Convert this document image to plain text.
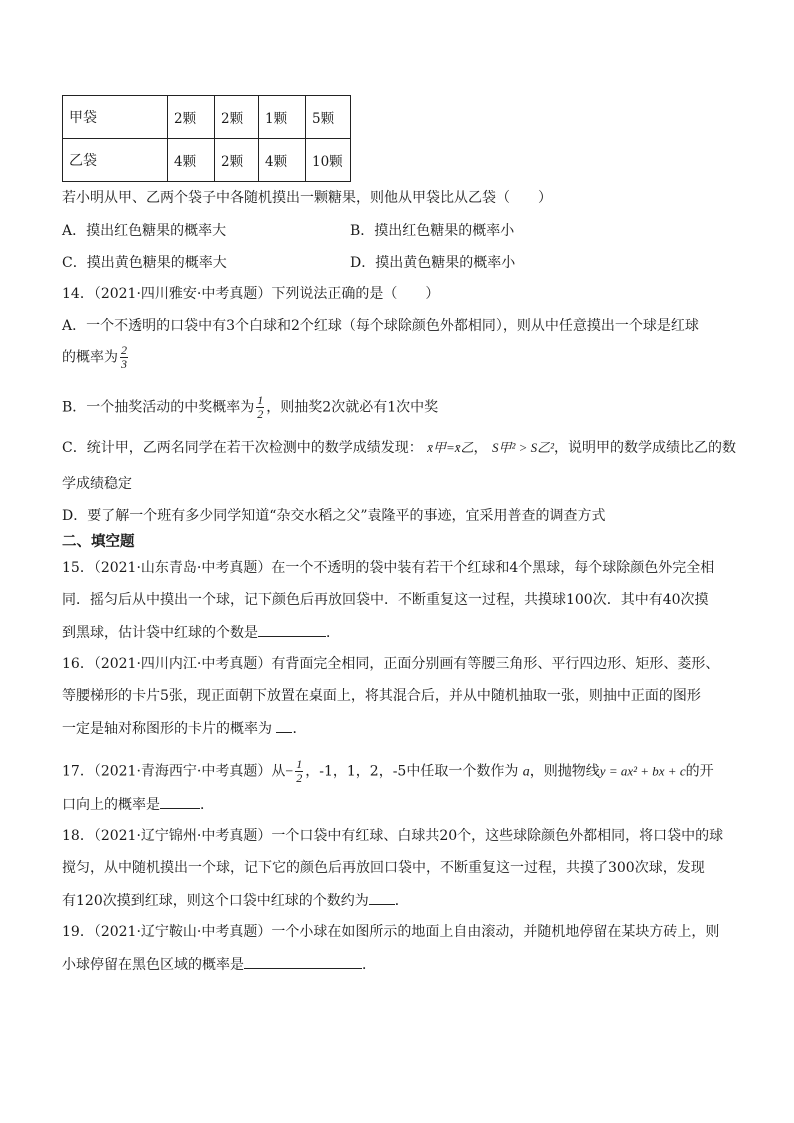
甲袋	2颗	2颗	1颗	5颗
乙袋	4颗	2颗	4颗	10颗
若小明从甲、乙两个袋子中各随机摸出一颗糖果，则他从甲袋比从乙袋（　　）
A．摸出红色糖果的概率大	B．摸出红色糖果的概率小
C．摸出黄色糖果的概率大	D．摸出黄色糖果的概率小
14．（2021·四川雅安·中考真题）下列说法正确的是（　　）
A．一个不透明的口袋中有3个白球和2个红球（每个球除颜色外都相同），则从中任意摸出一个球是红球
的概率为 $\frac{2}{3}$
B．一个抽奖活动的中奖概率为 $\frac{1}{2}$ ，则抽奖2次就必有1次中奖
C．统计甲，乙两名同学在若干次检测中的数学成绩发现： x̄甲=x̄乙， S甲² > S乙²，说明甲的数学成绩比乙的数
学成绩稳定
D．要了解一个班有多少同学知道“杂交水稻之父”袁隆平的事迹，宜采用普查的调查方式
二、填空题
15．（2021·山东青岛·中考真题）在一个不透明的袋中装有若干个红球和4个黑球，每个球除颜色外完全相
同．摇匀后从中摸出一个球，记下颜色后再放回袋中．不断重复这一过程，共摸球100次．其中有40次摸
到黑球，估计袋中红球的个数是	．
16．（2021·四川内江·中考真题）有背面完全相同，正面分别画有等腰三角形、平行四边形、矩形、菱形、
等腰梯形的卡片5张，现正面朝下放置在桌面上，将其混合后，并从中随机抽取一张，则抽中正面的图形
一定是轴对称图形的卡片的概率为 ．
17．（2021·青海西宁·中考真题）从− $\frac{1}{2}$ ，-1，1，2，-5中任取一个数作为 a，则抛物线y = ax² + bx + c的开
口向上的概率是	．
18．（2021·辽宁锦州·中考真题）一个口袋中有红球、白球共20个，这些球除颜色外都相同，将口袋中的球
搅匀，从中随机摸出一个球，记下它的颜色后再放回口袋中，不断重复这一过程，共摸了300次球，发现
有120次摸到红球，则这个口袋中红球的个数约为 ．
19．（2021·辽宁鞍山·中考真题）一个小球在如图所示的地面上自由滚动，并随机地停留在某块方砖上，则
小球停留在黑色区域的概率是	．
